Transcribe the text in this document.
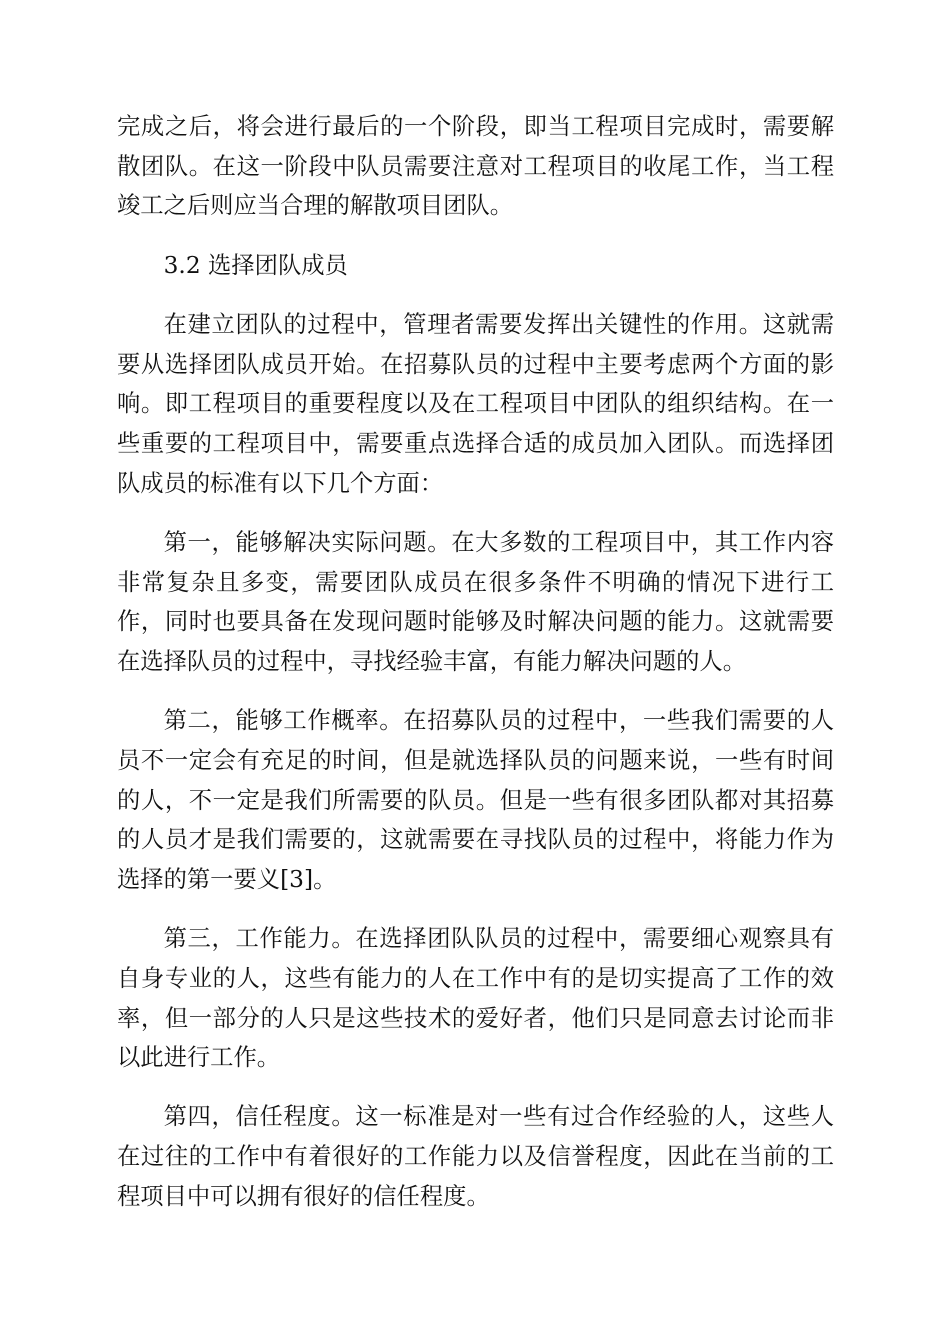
完成之后，将会进行最后的一个阶段，即当工程项目完成时，需要解散团队。在这一阶段中队员需要注意对工程项目的收尾工作，当工程竣工之后则应当合理的解散项目团队。

3.2 选择团队成员

在建立团队的过程中，管理者需要发挥出关键性的作用。这就需要从选择团队成员开始。在招募队员的过程中主要考虑两个方面的影响。即工程项目的重要程度以及在工程项目中团队的组织结构。在一些重要的工程项目中，需要重点选择合适的成员加入团队。而选择团队成员的标准有以下几个方面：

第一，能够解决实际问题。在大多数的工程项目中，其工作内容非常复杂且多变，需要团队成员在很多条件不明确的情况下进行工作，同时也要具备在发现问题时能够及时解决问题的能力。这就需要在选择队员的过程中，寻找经验丰富，有能力解决问题的人。

第二，能够工作概率。在招募队员的过程中，一些我们需要的人员不一定会有充足的时间，但是就选择队员的问题来说，一些有时间的人，不一定是我们所需要的队员。但是一些有很多团队都对其招募的人员才是我们需要的，这就需要在寻找队员的过程中，将能力作为选择的第一要义[3]。

第三，工作能力。在选择团队队员的过程中，需要细心观察具有自身专业的人，这些有能力的人在工作中有的是切实提高了工作的效率，但一部分的人只是这些技术的爱好者，他们只是同意去讨论而非以此进行工作。

第四，信任程度。这一标准是对一些有过合作经验的人，这些人在过往的工作中有着很好的工作能力以及信誉程度，因此在当前的工程项目中可以拥有很好的信任程度。
